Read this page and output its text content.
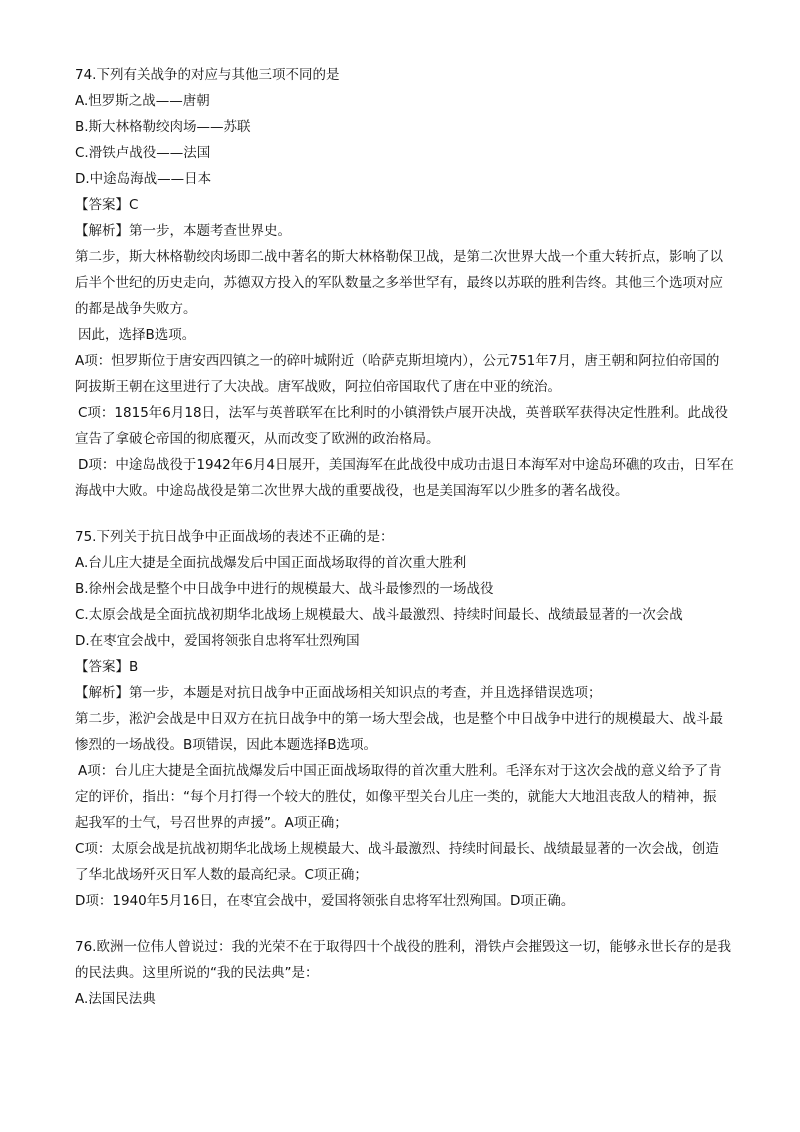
74.下列有关战争的对应与其他三项不同的是

A.怛罗斯之战——唐朝

B.斯大林格勒绞肉场——苏联

C.滑铁卢战役——法国

D.中途岛海战——日本

【答案】C

【解析】第一步，本题考查世界史。

第二步，斯大林格勒绞肉场即二战中著名的斯大林格勒保卫战，是第二次世界大战一个重大转折点，影响了以

后半个世纪的历史走向，苏德双方投入的军队数量之多举世罕有，最终以苏联的胜利告终。其他三个选项对应

的都是战争失败方。

因此，选择B选项。

A项：怛罗斯位于唐安西四镇之一的碎叶城附近（哈萨克斯坦境内），公元751年7月，唐王朝和阿拉伯帝国的

阿拔斯王朝在这里进行了大决战。唐军战败，阿拉伯帝国取代了唐在中亚的统治。

C项：1815年6月18日，法军与英普联军在比利时的小镇滑铁卢展开决战，英普联军获得决定性胜利。此战役

宣告了拿破仑帝国的彻底覆灭，从而改变了欧洲的政治格局。

D项：中途岛战役于1942年6月4日展开，美国海军在此战役中成功击退日本海军对中途岛环礁的攻击，日军在

海战中大败。中途岛战役是第二次世界大战的重要战役，也是美国海军以少胜多的著名战役。

75.下列关于抗日战争中正面战场的表述不正确的是：

A.台儿庄大捷是全面抗战爆发后中国正面战场取得的首次重大胜利

B.徐州会战是整个中日战争中进行的规模最大、战斗最惨烈的一场战役

C.太原会战是全面抗战初期华北战场上规模最大、战斗最激烈、持续时间最长、战绩最显著的一次会战

D.在枣宜会战中，爱国将领张自忠将军壮烈殉国

【答案】B

【解析】第一步，本题是对抗日战争中正面战场相关知识点的考查，并且选择错误选项；

第二步，淞沪会战是中日双方在抗日战争中的第一场大型会战，也是整个中日战争中进行的规模最大、战斗最

惨烈的一场战役。B项错误，因此本题选择B选项。

A项：台儿庄大捷是全面抗战爆发后中国正面战场取得的首次重大胜利。毛泽东对于这次会战的意义给予了肯

定的评价，指出：“每个月打得一个较大的胜仗，如像平型关台儿庄一类的，就能大大地沮丧敌人的精神，振

起我军的士气，号召世界的声援”。A项正确；

C项：太原会战是抗战初期华北战场上规模最大、战斗最激烈、持续时间最长、战绩最显著的一次会战，创造

了华北战场歼灭日军人数的最高纪录。C项正确；

D项：1940年5月16日，在枣宜会战中，爱国将领张自忠将军壮烈殉国。D项正确。

76.欧洲一位伟人曾说过：我的光荣不在于取得四十个战役的胜利，滑铁卢会摧毁这一切，能够永世长存的是我

的民法典。这里所说的“我的民法典”是：

A.法国民法典
